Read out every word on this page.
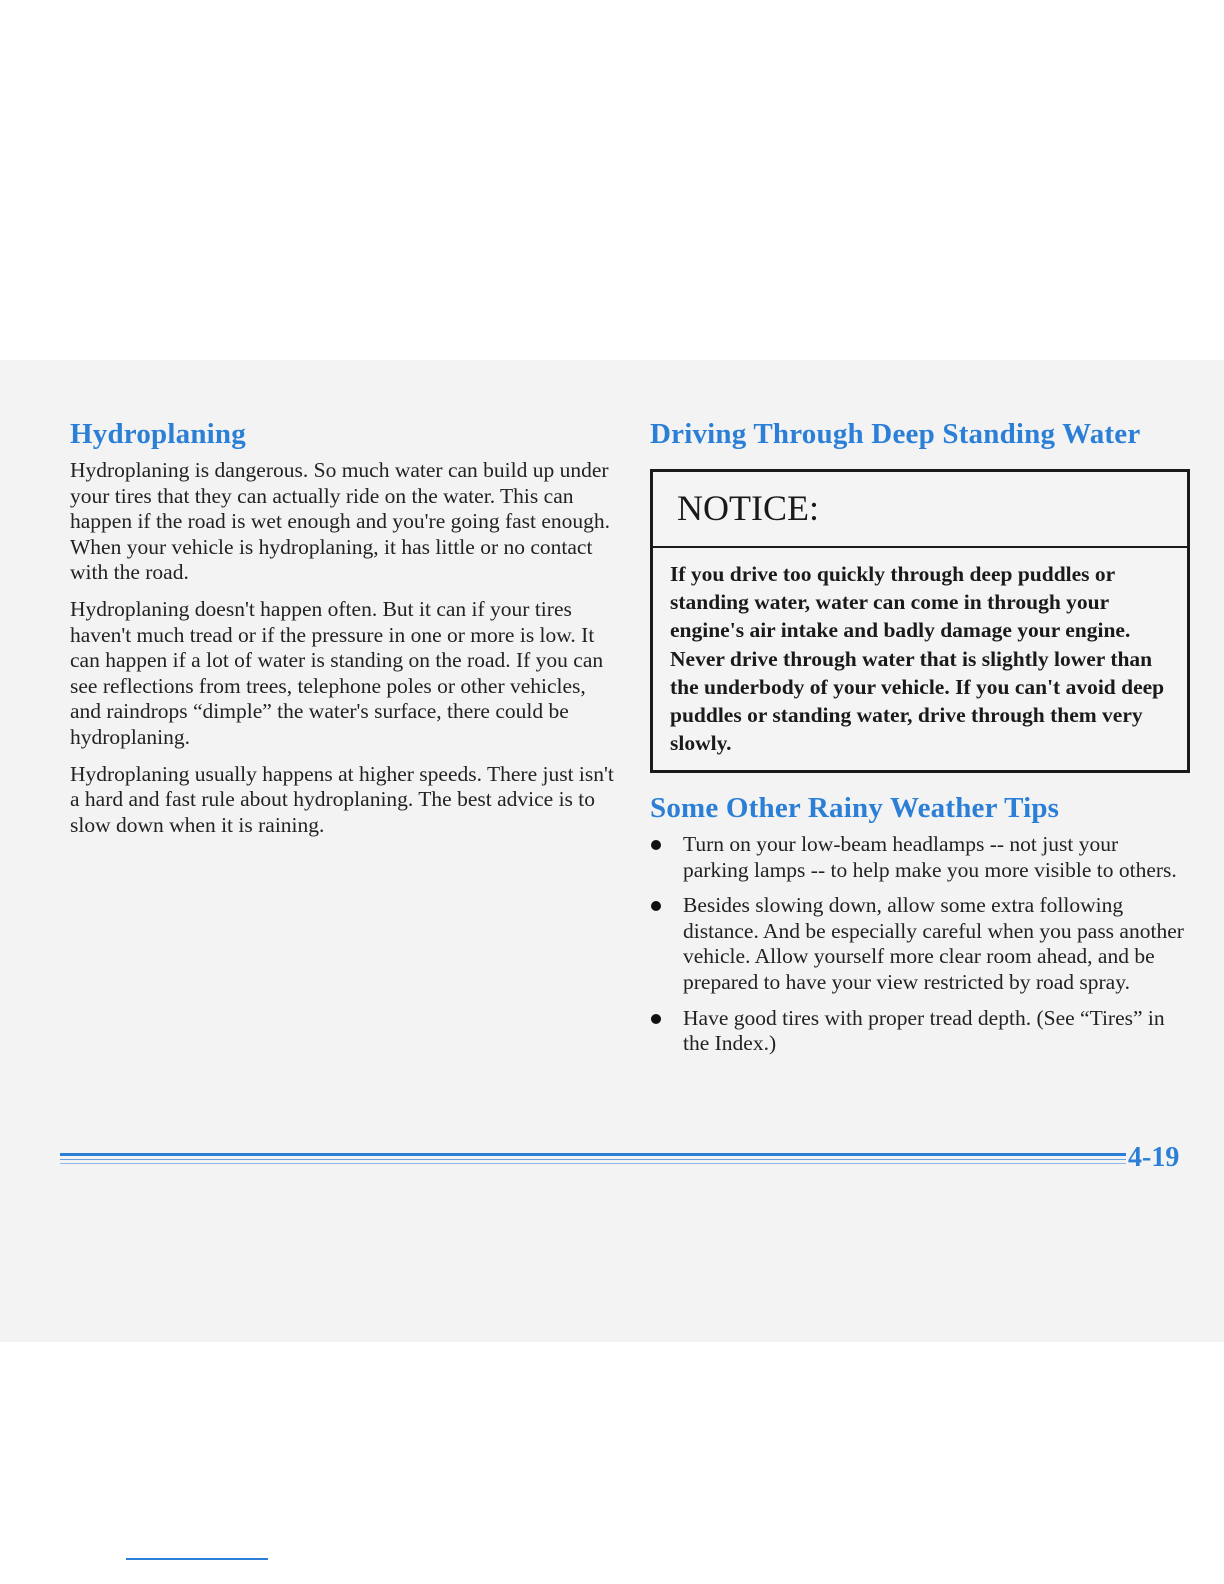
Hydroplaning

Hydroplaning is dangerous. So much water can build up under your tires that they can actually ride on the water. This can happen if the road is wet enough and you're going fast enough. When your vehicle is hydroplaning, it has little or no contact with the road.

Hydroplaning doesn't happen often. But it can if your tires haven't much tread or if the pressure in one or more is low. It can happen if a lot of water is standing on the road. If you can see reflections from trees, telephone poles or other vehicles, and raindrops “dimple” the water's surface, there could be hydroplaning.

Hydroplaning usually happens at higher speeds. There just isn't a hard and fast rule about hydroplaning. The best advice is to slow down when it is raining.

Driving Through Deep Standing Water
NOTICE:
If you drive too quickly through deep puddles or standing water, water can come in through your engine's air intake and badly damage your engine. Never drive through water that is slightly lower than the underbody of your vehicle. If you can't avoid deep puddles or standing water, drive through them very slowly.
Some Other Rainy Weather Tips
Turn on your low-beam headlamps -- not just your parking lamps -- to help make you more visible to others.
Besides slowing down, allow some extra following distance. And be especially careful when you pass another vehicle. Allow yourself more clear room ahead, and be prepared to have your view restricted by road spray.
Have good tires with proper tread depth. (See “Tires” in the Index.)
4-19
